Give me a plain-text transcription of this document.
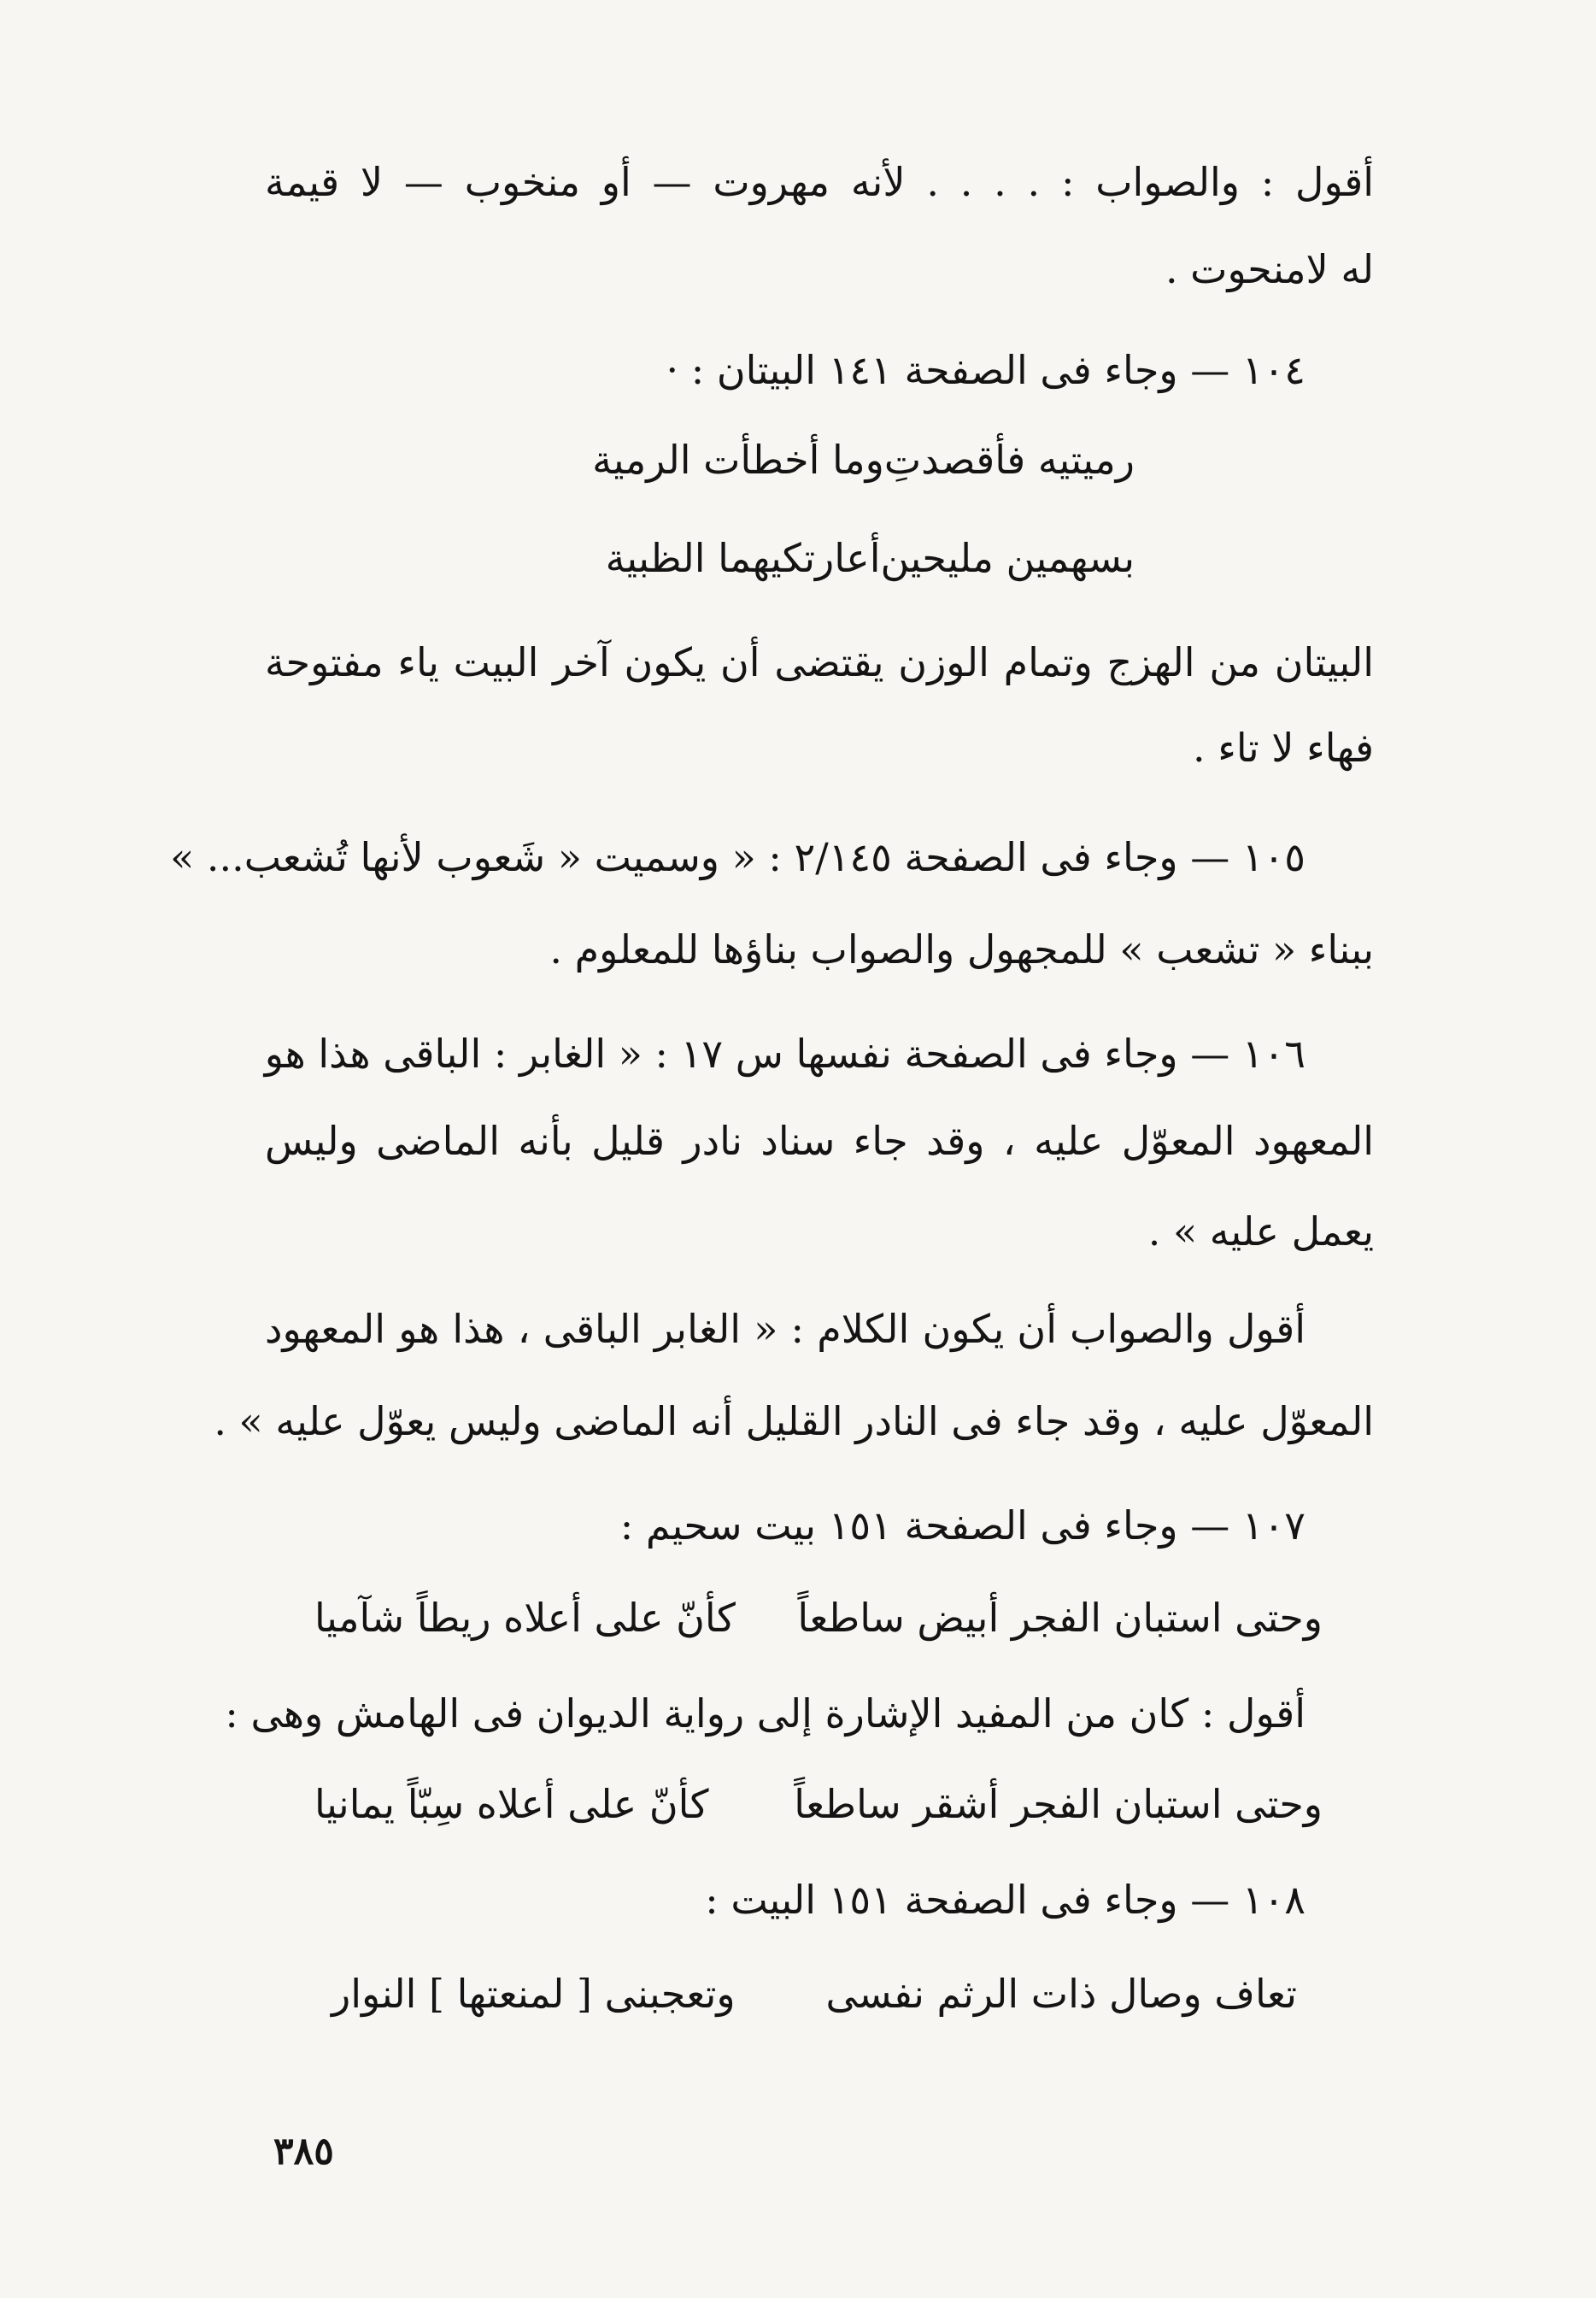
أقول : والصواب : . . . . لأنه مهروت — أو منخوب — لا قيمة
له لامنحوت .
١٠٤ — وجاء فى الصفحة ١٤١ البيتان : ·
رميتيه فأقصدتِ
وما أخطأت الرمية
بسهمين مليحين
أعارتكيهما الظبية
البيتان من الهزج وتمام الوزن يقتضى أن يكون آخر البيت ياء مفتوحة
فهاء لا تاء .
١٠٥ — وجاء فى الصفحة ٢/١٤٥ : « وسميت « شَعوب لأنها تُشعب... »
ببناء « تشعب » للمجهول والصواب بناؤها للمعلوم .
١٠٦ — وجاء فى الصفحة نفسها س ١٧ : « الغابر : الباقى هذا هو
المعهود المعوّل عليه ، وقد جاء سناد نادر قليل بأنه الماضى وليس
يعمل عليه » .
أقول والصواب أن يكون الكلام : « الغابر الباقى ، هذا هو المعهود
المعوّل عليه ، وقد جاء فى النادر القليل أنه الماضى وليس يعوّل عليه » .
١٠٧ — وجاء فى الصفحة ١٥١ بيت سحيم :
وحتى استبان الفجر أبيض ساطعاً
كأنّ على أعلاه ريطاً شآميا
أقول : كان من المفيد الإشارة إلى رواية الديوان فى الهامش وهى :
وحتى استبان الفجر أشقر ساطعاً
كأنّ على أعلاه سِبّاً يمانيا
١٠٨ — وجاء فى الصفحة ١٥١ البيت :
تعاف وصال ذات الرثم نفسى
وتعجبنى [ لمنعتها ] النوار
٣٨٥
